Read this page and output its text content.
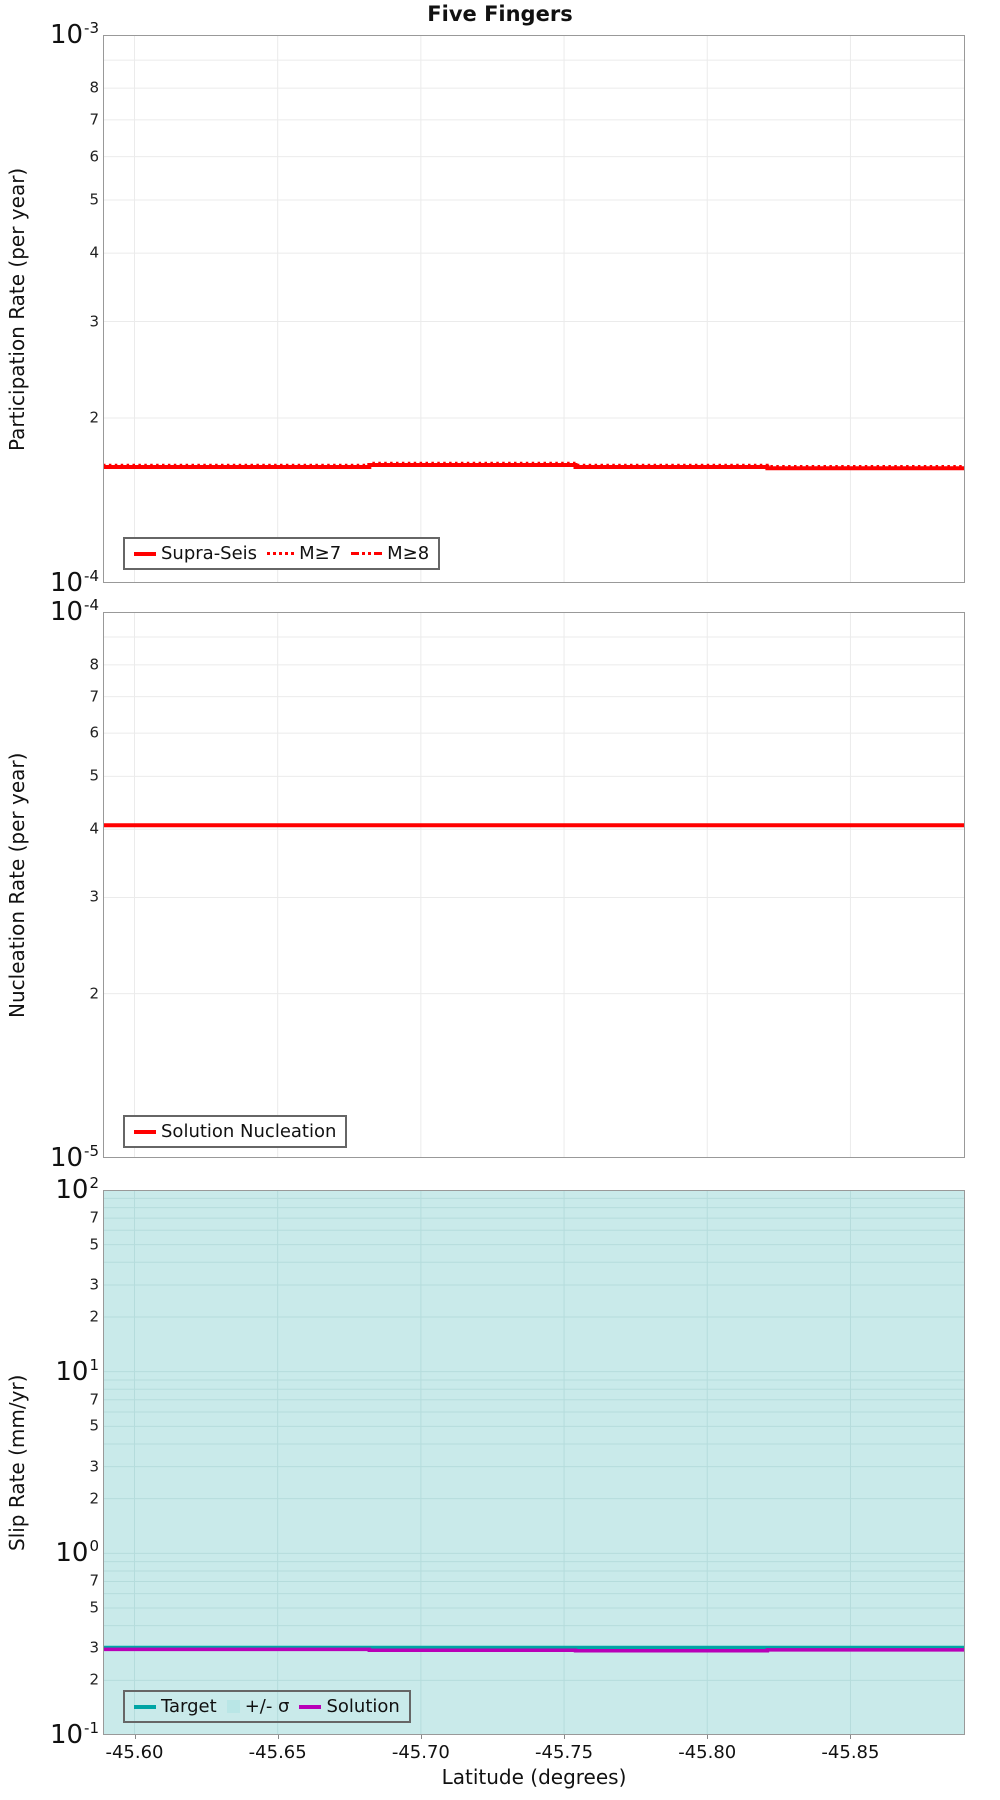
Five Fingers
Participation Rate (per year)
Nucleation Rate (per year)
Slip Rate (mm/yr)
Latitude (degrees)
$10^{-3}$
$10^{-4}$
8
7
6
5
4
3
2
Supra-Seis M≥7	M≥8
$10^{-4}$
$10^{-5}$
8
7
6
5
4
3
2
Solution Nucleation
$10^2$
$10^1$
$10^0$
$10^{-1}$
7
5
3
2
7
5
3
2
7
5
3
2
Target +/- σ Solution
-45.60	-45.65	-45.70	-45.75	-45.80	-45.85
